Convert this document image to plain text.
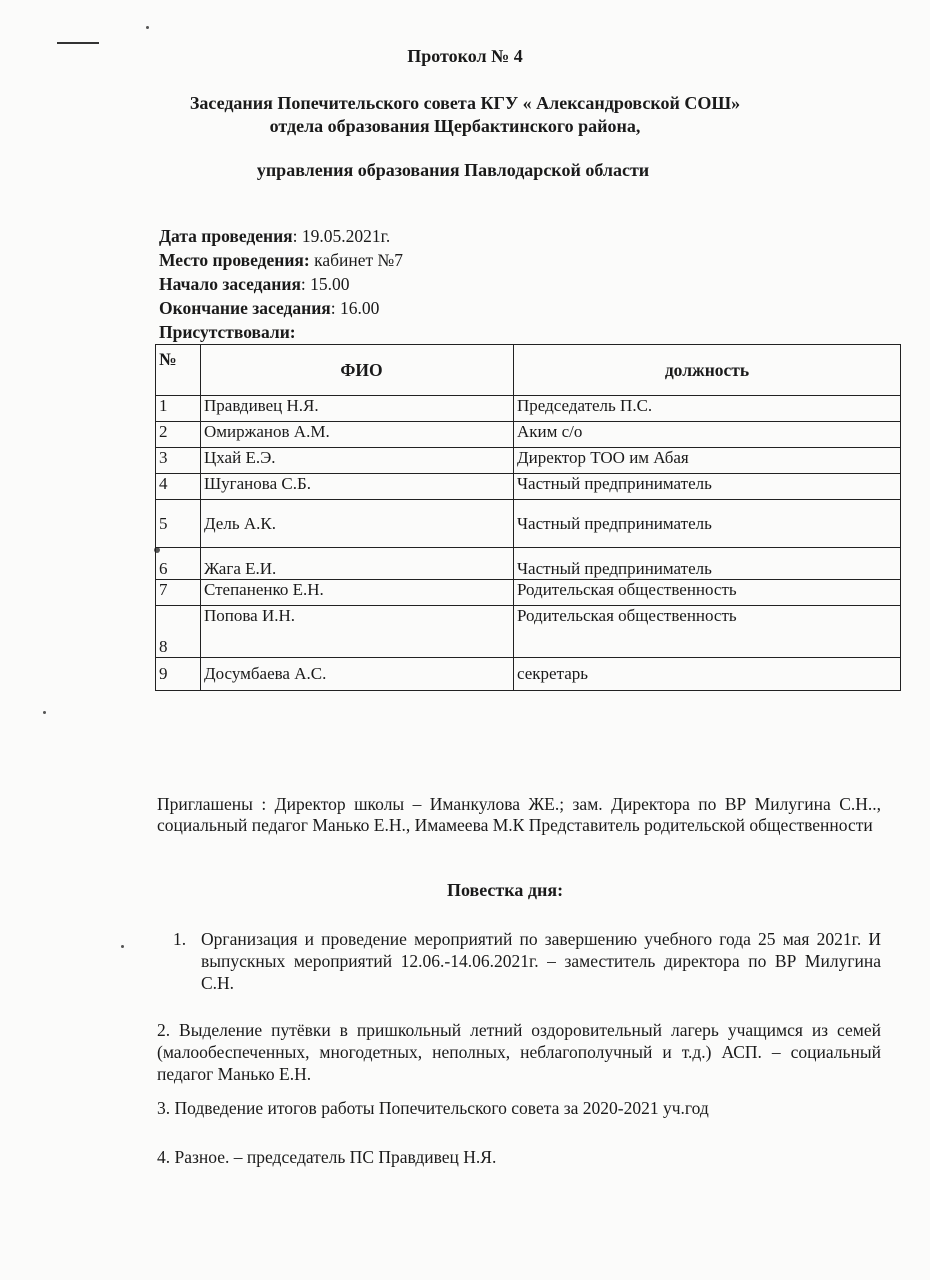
Протокол № 4
Заседания Попечительского совета КГУ « Александровской СОШ»
отдела образования Щербактинского района,
управления образования Павлодарской области
Дата проведения: 19.05.2021г.
Место проведения: кабинет №7
Начало заседания: 15.00
Окончание заседания: 16.00
Присутствовали:
№	ФИО	должность
1	Правдивец Н.Я.	Председатель П.С.
2	Омиржанов А.М.	Аким с/о
3	Цхай Е.Э.	Директор ТОО им Абая
4	Шуганова С.Б.	Частный предприниматель
5	Дель А.К.	Частный предприниматель
6	Жага Е.И.	Частный предприниматель
7	Степаненко Е.Н.	Родительская общественность
8	Попова И.Н.	Родительская общественность
9	Досумбаева А.С.	секретарь
Приглашены : Директор школы – Иманкулова ЖЕ.; зам. Директора по ВР Милугина С.Н.., социальный педагог Манько Е.Н., Имамеева М.К Представитель родительской общественности
Повестка дня:
1. Организация и проведение мероприятий по завершению учебного года 25 мая 2021г. И выпускных мероприятий 12.06.-14.06.2021г. – заместитель директора по ВР Милугина С.Н.
2. Выделение путёвки в пришкольный летний оздоровительный лагерь учащимся из семей (малообеспеченных, многодетных, неполных, неблагополучный и т.д.) АСП. – социальный педагог Манько Е.Н.
3. Подведение итогов работы Попечительского совета за 2020-2021 уч.год
4. Разное. – председатель ПС Правдивец Н.Я.
